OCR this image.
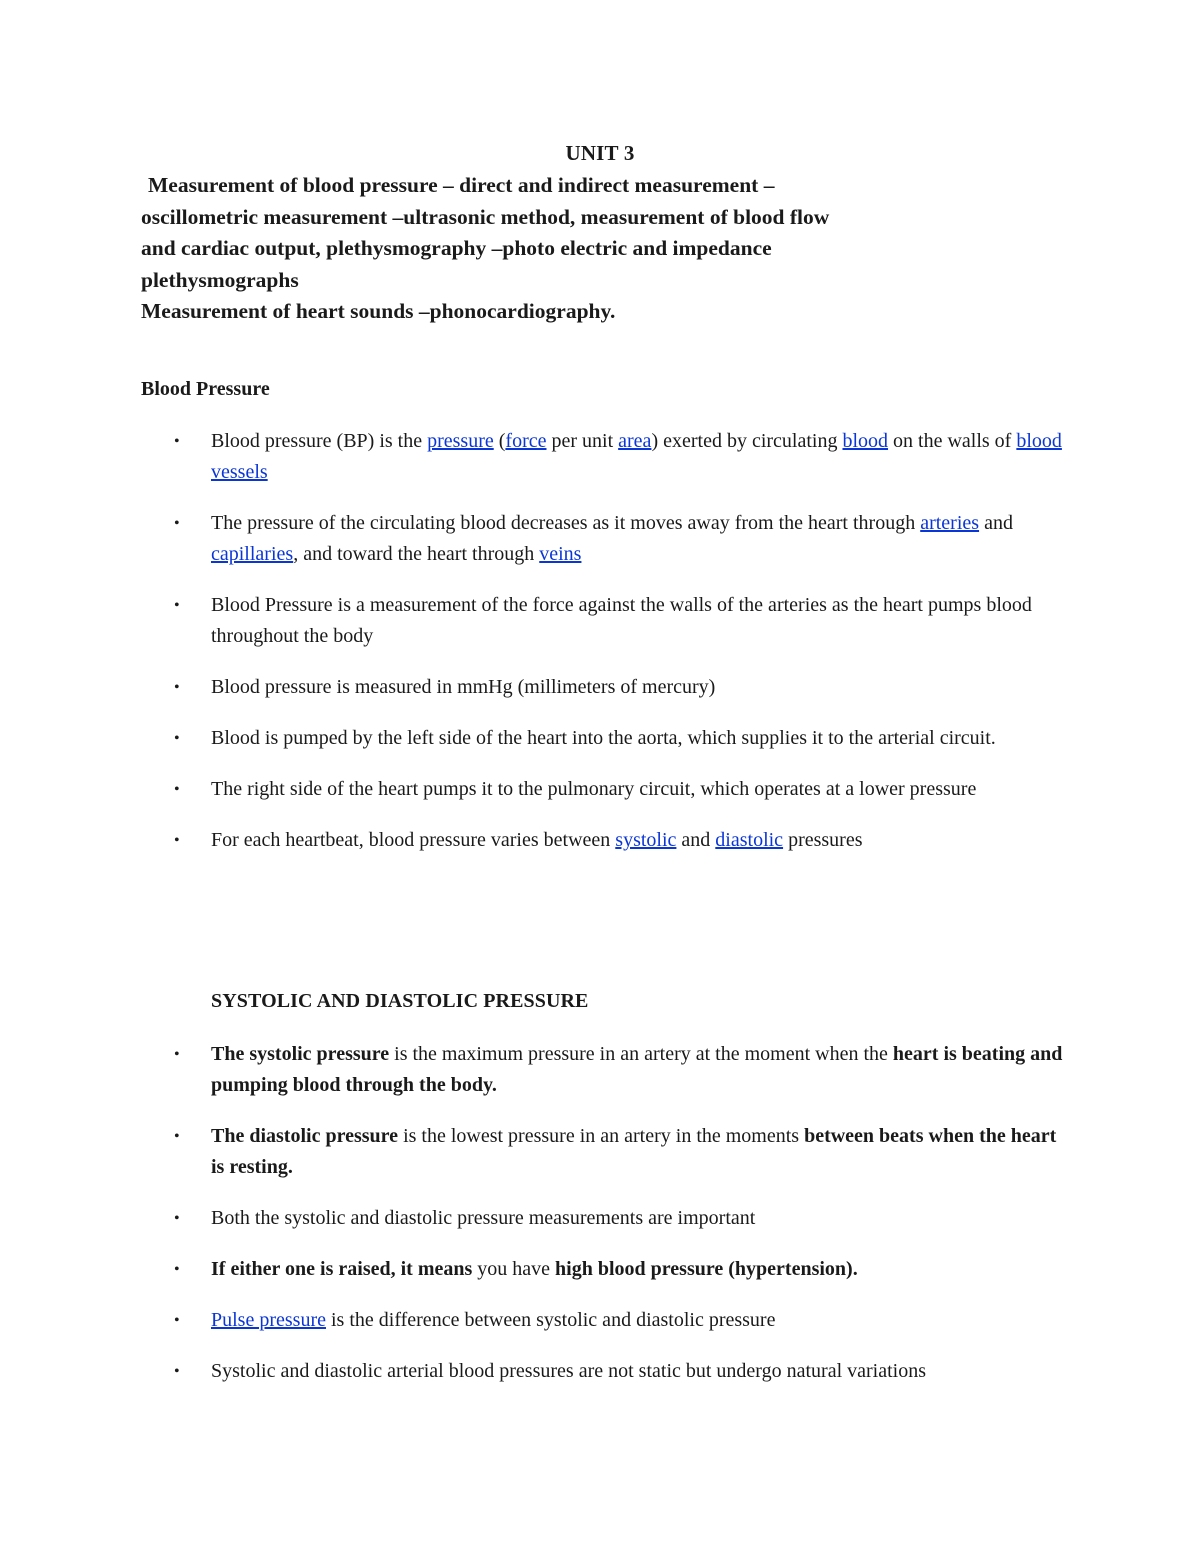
UNIT 3

Measurement of blood pressure – direct and indirect measurement –

oscillometric measurement –ultrasonic method, measurement of blood flow

and cardiac output, plethysmography –photo electric and impedance

plethysmographs

Measurement of heart sounds –phonocardiography.

Blood Pressure
• Blood pressure (BP) is the pressure (force per unit area) exerted by circulating blood on the walls of blood vessels
• The pressure of the circulating blood decreases as it moves away from the heart through arteries and capillaries, and toward the heart through veins
• Blood Pressure is a measurement of the force against the walls of the arteries as the heart pumps blood throughout the body
• Blood pressure is measured in mmHg (millimeters of mercury)
• Blood is pumped by the left side of the heart into the aorta, which supplies it to the arterial circuit.
• The right side of the heart pumps it to the pulmonary circuit, which operates at a lower pressure
• For each heartbeat, blood pressure varies between systolic and diastolic pressures
SYSTOLIC AND DIASTOLIC PRESSURE
• The systolic pressure is the maximum pressure in an artery at the moment when the heart is beating and pumping blood through the body.
• The diastolic pressure is the lowest pressure in an artery in the moments between beats when the heart is resting.
• Both the systolic and diastolic pressure measurements are important
• If either one is raised, it means you have high blood pressure (hypertension).
• Pulse pressure is the difference between systolic and diastolic pressure
• Systolic and diastolic arterial blood pressures are not static but undergo natural variations
